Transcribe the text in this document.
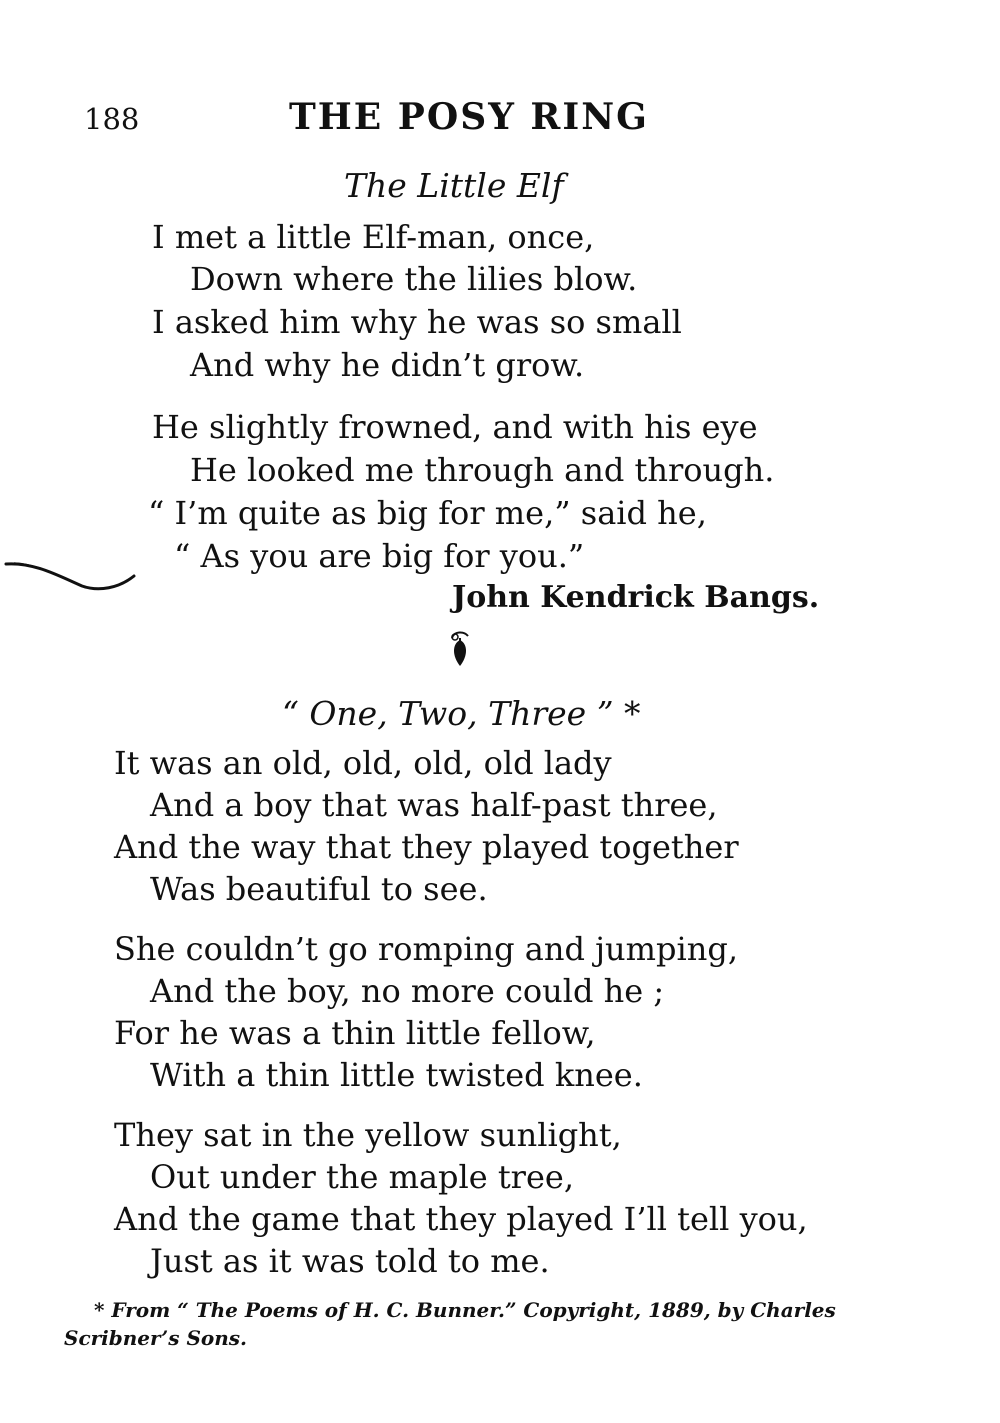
188	THE POSY RING
The Little Elf
I met a little Elf-man, once,
Down where the lilies blow.
I asked him why he was so small
And why he didn’t grow.
He slightly frowned, and with his eye
He looked me through and through.
“ I’m quite as big for me,” said he,
“ As you are big for you.”
John Kendrick Bangs.
“ One, Two, Three ” *
It was an old, old, old, old lady
And a boy that was half-past three,
And the way that they played together
Was beautiful to see.
She couldn’t go romping and jumping,
And the boy, no more could he ;
For he was a thin little fellow,
With a thin little twisted knee.
They sat in the yellow sunlight,
Out under the maple tree,
And the game that they played I’ll tell you,
Just as it was told to me.
* From “ The Poems of H. C. Bunner.” Copyright, 1889, by Charles
Scribner’s Sons.
